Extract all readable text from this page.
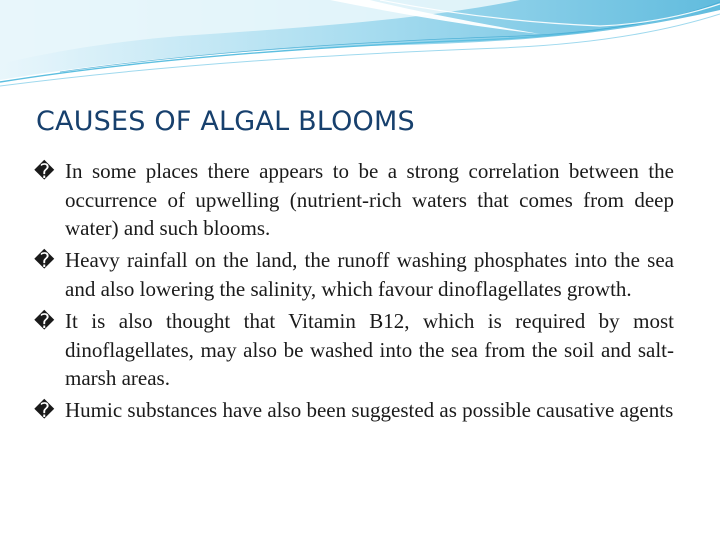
CAUSES OF ALGAL BLOOMS
� In some places there appears to be a strong correlation between the occurrence of upwelling (nutrient-rich waters that comes from deep water) and such blooms.
� Heavy rainfall on the land, the runoff washing phosphates into the sea and also lowering the salinity, which favour dinoflagellates growth.
� It is also thought that Vitamin B12, which is required by most dinoflagellates, may also be washed into the sea from the soil and salt-marsh areas.
� Humic substances have also been suggested as possible causative agents
